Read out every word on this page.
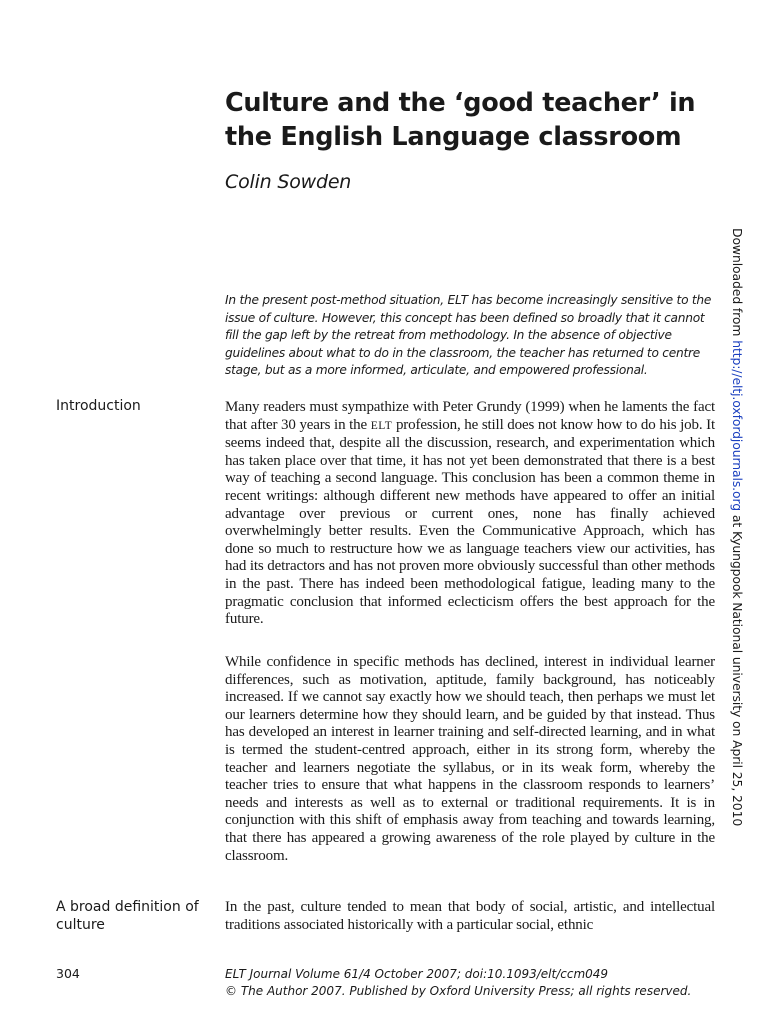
Culture and the ‘good teacher’ in the English Language classroom
Colin Sowden

In the present post-method situation, ELT has become increasingly sensitive to the issue of culture. However, this concept has been defined so broadly that it cannot fill the gap left by the retreat from methodology. In the absence of objective guidelines about what to do in the classroom, the teacher has returned to centre stage, but as a more informed, articulate, and empowered professional.

Introduction	Many readers must sympathize with Peter Grundy (1999) when he laments the fact that after 30 years in the ELT profession, he still does not know how to do his job. It seems indeed that, despite all the discussion, research, and experimentation which has taken place over that time, it has not yet been demonstrated that there is a best way of teaching a second language. This conclusion has been a common theme in recent writings: although different new methods have appeared to offer an initial advantage over previous or current ones, none has finally achieved overwhelmingly better results. Even the Communicative Approach, which has done so much to restructure how we as language teachers view our activities, has had its detractors and has not proven more obviously successful than other methods in the past. There has indeed been methodological fatigue, leading many to the pragmatic conclusion that informed eclecticism offers the best approach for the future.

While confidence in specific methods has declined, interest in individual learner differences, such as motivation, aptitude, family background, has noticeably increased. If we cannot say exactly how we should teach, then perhaps we must let our learners determine how they should learn, and be guided by that instead. Thus has developed an interest in learner training and self-directed learning, and in what is termed the student-centred approach, either in its strong form, whereby the teacher and learners negotiate the syllabus, or in its weak form, whereby the teacher tries to ensure that what happens in the classroom responds to learners’ needs and interests as well as to external or traditional requirements. It is in conjunction with this shift of emphasis away from teaching and towards learning, that there has appeared a growing awareness of the role played by culture in the classroom.

A broad definition of culture

In the past, culture tended to mean that body of social, artistic, and intellectual traditions associated historically with a particular social, ethnic

304	ELT Journal Volume 61/4 October 2007; doi:10.1093/elt/ccm049
© The Author 2007. Published by Oxford University Press; all rights reserved.
Downloaded from http://eltj.oxfordjournals.org at Kyungpook National university on April 25, 2010
